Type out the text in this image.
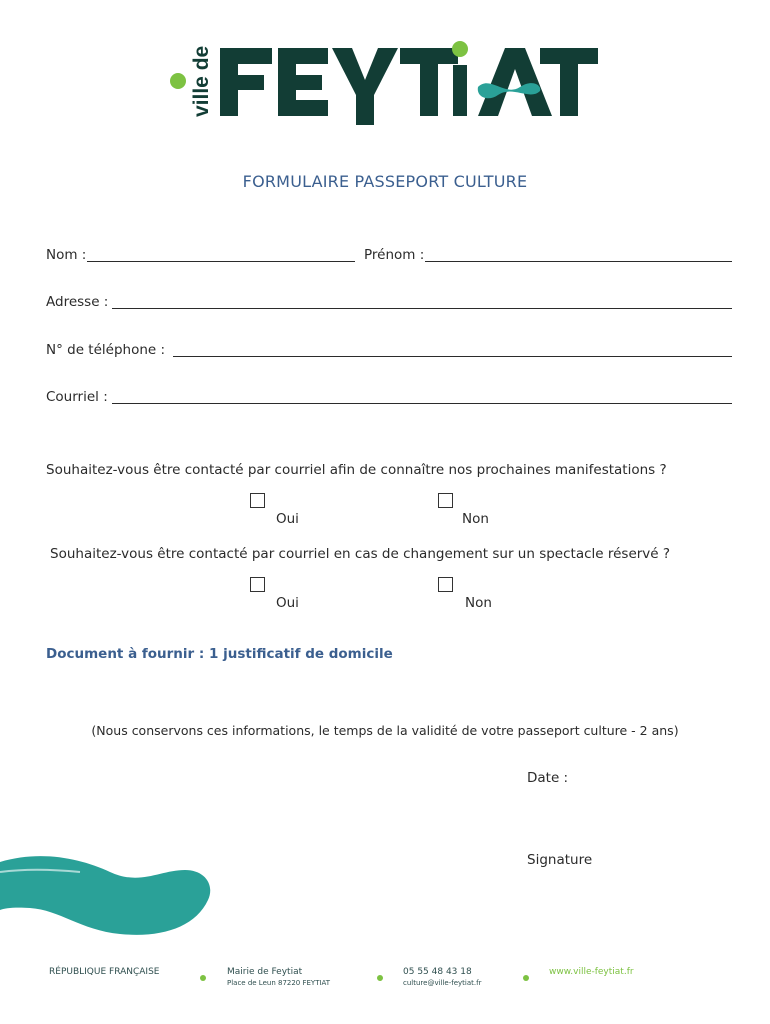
ville de
FORMULAIRE PASSEPORT CULTURE
Nom :	Prénom :
Adresse :
N° de téléphone :
Courriel :
Souhaitez-vous être contacté par courriel afin de connaître nos prochaines manifestations ?
Oui	Non
Souhaitez-vous être contacté par courriel en cas de changement sur un spectacle réservé ?
Oui	Non
Document à fournir : 1 justificatif de domicile
(Nous conservons ces informations, le temps de la validité de votre passeport culture - 2 ans)
Date :
Signature
RÉPUBLIQUE FRANÇAISE	Mairie de Feytiat
Place de Leun 87220 FEYTIAT
05 55 48 43 18
culture@ville-feytiat.fr
www.ville-feytiat.fr
